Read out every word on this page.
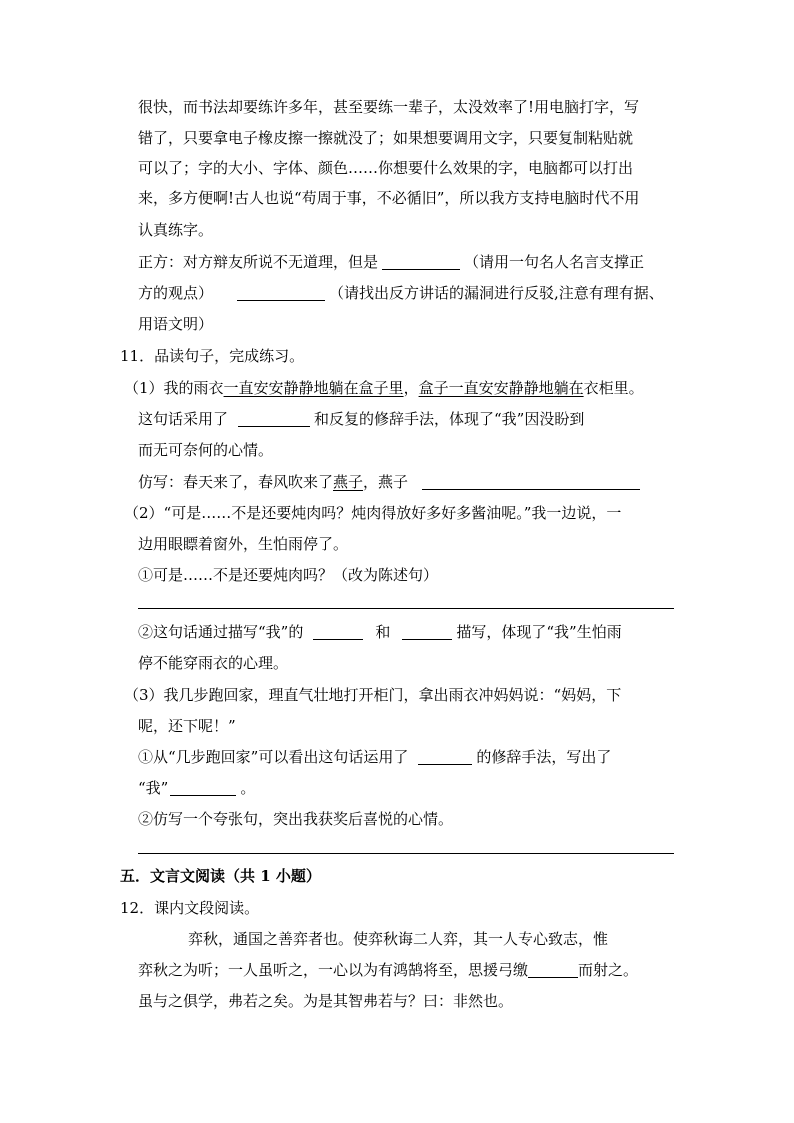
很快，而书法却要练许多年，甚至要练一辈子，太没效率了!用电脑打字，写
错了，只要拿电子橡皮擦一擦就没了；如果想要调用文字，只要复制粘贴就
可以了；字的大小、字体、颜色……你想要什么效果的字，电脑都可以打出
来，多方便啊!古人也说“苟周于事，不必循旧”，所以我方支持电脑时代不用
认真练字。
正方：对方辩友所说不无道理，但是	（请用一句名人名言支撑正
方的观点）	（请找出反方讲话的漏洞进行反驳,注意有理有据、
用语文明）
11．品读句子，完成练习。
（1）我的雨衣一直安安静静地躺在盒子里，盒子一直安安静静地躺在衣柜里。
这句话采用了	和反复的修辞手法，体现了“我”因没盼到
而无可奈何的心情。
仿写：春天来了，春风吹来了燕子，燕子
（2）“可是……不是还要炖肉吗？炖肉得放好多好多酱油呢。”我一边说，一
边用眼瞟着窗外，生怕雨停了。
①可是……不是还要炖肉吗？（改为陈述句）
②这句话通过描写“我”的	和	描写，体现了“我”生怕雨
停不能穿雨衣的心理。
（3）我几步跑回家，理直气壮地打开柜门，拿出雨衣冲妈妈说：“妈妈，下
呢，还下呢！”
①从“几步跑回家”可以看出这句话运用了	的修辞手法，写出了
“我”	。
②仿写一个夸张句，突出我获奖后喜悦的心情。
五．文言文阅读（共 1 小题）
12．课内文段阅读。
弈秋，通国之善弈者也。使弈秋诲二人弈，其一人专心致志，惟
弈秋之为听；一人虽听之，一心以为有鸿鹄将至，思援弓缴	而射之。
虽与之俱学，弗若之矣。为是其智弗若与？曰：非然也。
